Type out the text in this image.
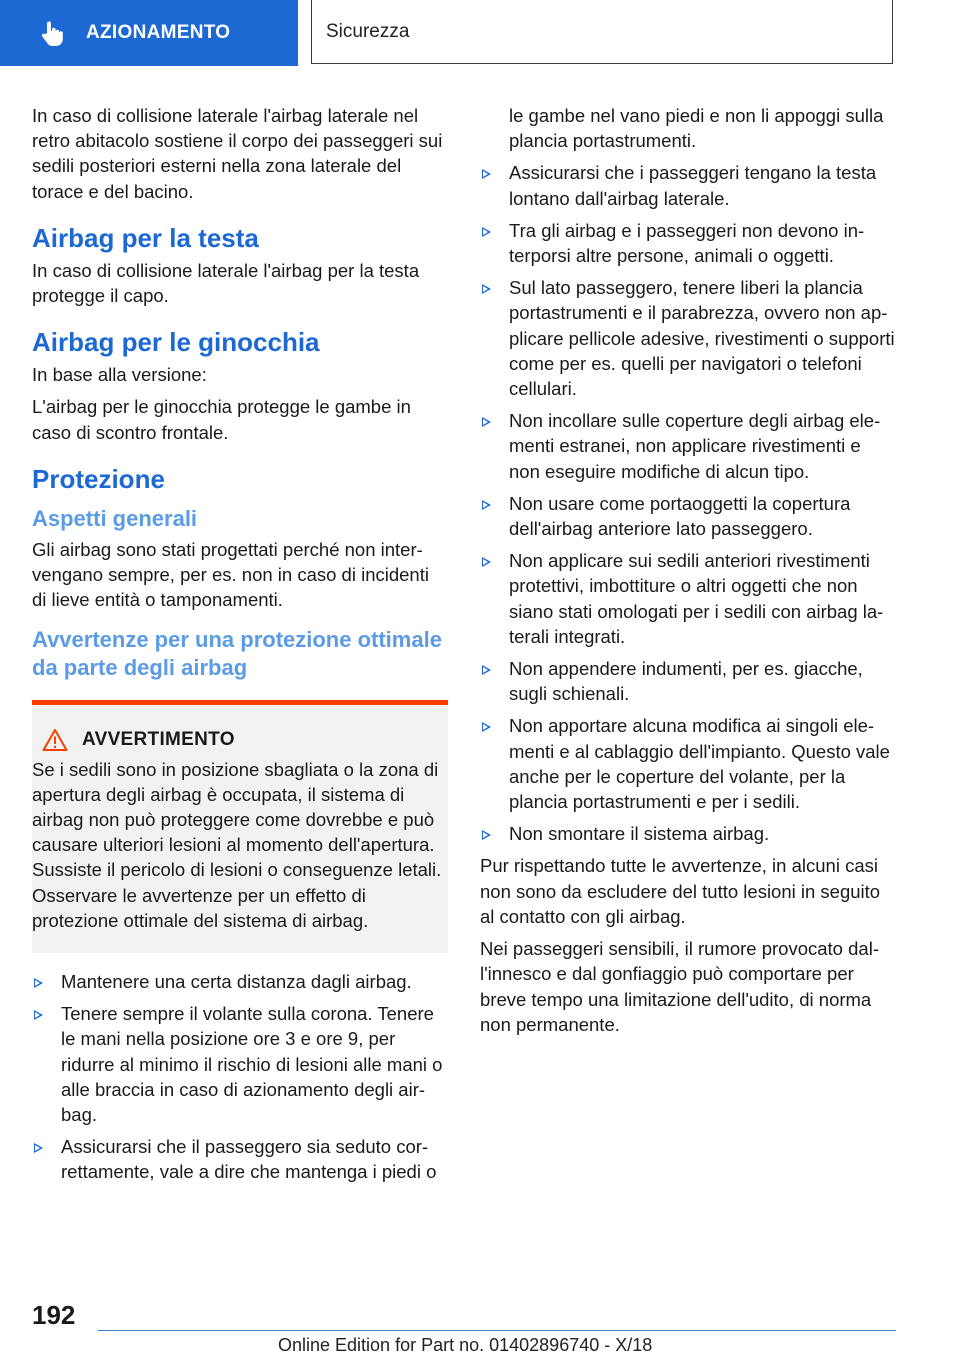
AZIONAMENTO	Sicurezza

In caso di collisione laterale l'airbag laterale nel retro abitacolo sostiene il corpo dei passeggeri sui sedili posteriori esterni nella zona laterale del torace e del bacino.

Airbag per la testa

In caso di collisione laterale l'airbag per la testa protegge il capo.

Airbag per le ginocchia

In base alla versione:

L'airbag per le ginocchia protegge le gambe in caso di scontro frontale.

Protezione
Aspetti generali

Gli airbag sono stati progettati perché non intervengano sempre, per es. non in caso di incidenti di lieve entità o tamponamenti.

Avvertenze per una protezione ottimale da parte degli airbag
AVVERTIMENTO

Se i sedili sono in posizione sbagliata o la zona di apertura degli airbag è occupata, il sistema di airbag non può proteggere come dovrebbe e può causare ulteriori lesioni al momento dell'apertura. Sussiste il pericolo di lesioni o conseguenze letali. Osservare le avvertenze per un effetto di protezione ottimale del sistema di airbag.

Mantenere una certa distanza dagli airbag.
Tenere sempre il volante sulla corona. Tenere le mani nella posizione ore 3 e ore 9, per ridurre al minimo il rischio di lesioni alle mani o alle braccia in caso di azionamento degli airbag.
Assicurarsi che il passeggero sia seduto correttamente, vale a dire che mantenga i piedi o

le gambe nel vano piedi e non li appoggi sulla plancia portastrumenti.

Assicurarsi che i passeggeri tengano la testa lontano dall'airbag laterale.
Tra gli airbag e i passeggeri non devono interporsi altre persone, animali o oggetti.
Sul lato passeggero, tenere liberi la plancia portastrumenti e il parabrezza, ovvero non applicare pellicole adesive, rivestimenti o supporti come per es. quelli per navigatori o telefoni cellulari.
Non incollare sulle coperture degli airbag elementi estranei, non applicare rivestimenti e non eseguire modifiche di alcun tipo.
Non usare come portaoggetti la copertura dell'airbag anteriore lato passeggero.
Non applicare sui sedili anteriori rivestimenti protettivi, imbottiture o altri oggetti che non siano stati omologati per i sedili con airbag laterali integrati.
Non appendere indumenti, per es. giacche, sugli schienali.
Non apportare alcuna modifica ai singoli elementi e al cablaggio dell'impianto. Questo vale anche per le coperture del volante, per la plancia portastrumenti e per i sedili.
Non smontare il sistema airbag.

Pur rispettando tutte le avvertenze, in alcuni casi non sono da escludere del tutto lesioni in seguito al contatto con gli airbag.

Nei passeggeri sensibili, il rumore provocato dall'innesco e dal gonfiaggio può comportare per breve tempo una limitazione dell'udito, di norma non permanente.

192
Online Edition for Part no. 01402896740 - X/18
